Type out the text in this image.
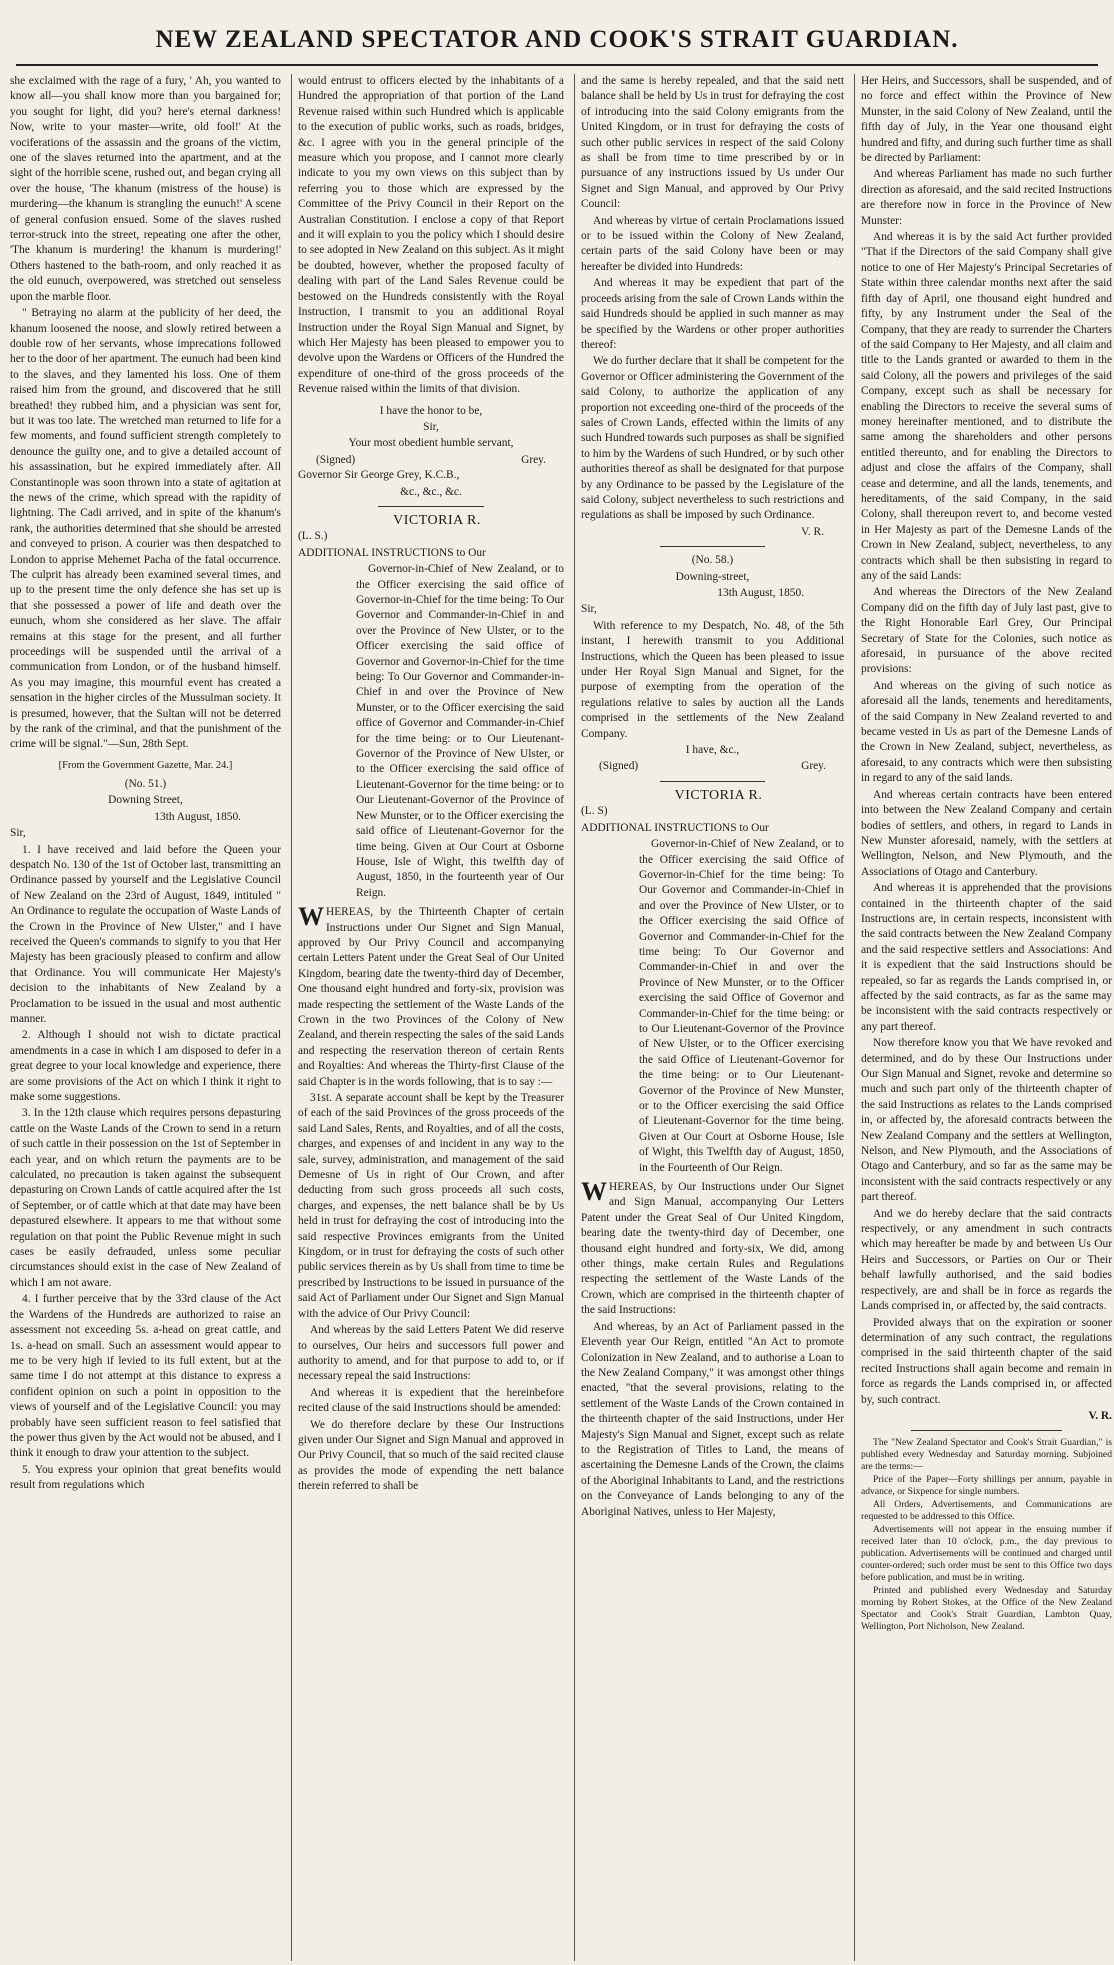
NEW ZEALAND SPECTATOR AND COOK'S STRAIT GUARDIAN.

she exclaimed with the rage of a fury, ' Ah, you wanted to know all—you shall know more than you bargained for; you sought for light, did you? here's eternal darkness! Now, write to your master—write, old fool!' At the vociferations of the assassin and the groans of the victim, one of the slaves returned into the apartment, and at the sight of the horrible scene, rushed out, and began crying all over the house, 'The khanum (mistress of the house) is murdering—the khanum is strangling the eunuch!' A scene of general confusion ensued. Some of the slaves rushed terror-struck into the street, repeating one after the other, 'The khanum is murdering! the khanum is murdering!' Others hastened to the bath-room, and only reached it as the old eunuch, overpowered, was stretched out senseless upon the marble floor.

" Betraying no alarm at the publicity of her deed, the khanum loosened the noose, and slowly retired between a double row of her servants, whose imprecations followed her to the door of her apartment. The eunuch had been kind to the slaves, and they lamented his loss. One of them raised him from the ground, and discovered that he still breathed! they rubbed him, and a physician was sent for, but it was too late. The wretched man returned to life for a few moments, and found sufficient strength completely to denounce the guilty one, and to give a detailed account of his assassination, but he expired immediately after. All Constantinople was soon thrown into a state of agitation at the news of the crime, which spread with the rapidity of lightning. The Cadi arrived, and in spite of the khanum's rank, the authorities determined that she should be arrested and conveyed to prison. A courier was then despatched to London to apprise Mehemet Pacha of the fatal occurrence. The culprit has already been examined several times, and up to the present time the only defence she has set up is that she possessed a power of life and death over the eunuch, whom she considered as her slave. The affair remains at this stage for the present, and all further proceedings will be suspended until the arrival of a communication from London, or of the husband himself. As you may imagine, this mournful event has created a sensation in the higher circles of the Mussulman society. It is presumed, however, that the Sultan will not be deterred by the rank of the criminal, and that the punishment of the crime will be signal."—Sun, 28th Sept.

[From the Government Gazette, Mar. 24.]

(No. 51.)

Downing Street,

13th August, 1850.

Sir,

1. I have received and laid before the Queen your despatch No. 130 of the 1st of October last, transmitting an Ordinance passed by yourself and the Legislative Council of New Zealand on the 23rd of August, 1849, intituled " An Ordinance to regulate the occupation of Waste Lands of the Crown in the Province of New Ulster," and I have received the Queen's commands to signify to you that Her Majesty has been graciously pleased to confirm and allow that Ordinance. You will communicate Her Majesty's decision to the inhabitants of New Zealand by a Proclamation to be issued in the usual and most authentic manner.

2. Although I should not wish to dictate practical amendments in a case in which I am disposed to defer in a great degree to your local knowledge and experience, there are some provisions of the Act on which I think it right to make some suggestions.

3. In the 12th clause which requires persons depasturing cattle on the Waste Lands of the Crown to send in a return of such cattle in their possession on the 1st of September in each year, and on which return the payments are to be calculated, no precaution is taken against the subsequent depasturing on Crown Lands of cattle acquired after the 1st of September, or of cattle which at that date may have been depastured elsewhere. It appears to me that without some regulation on that point the Public Revenue might in such cases be easily defrauded, unless some peculiar circumstances should exist in the case of New Zealand of which I am not aware.

4. I further perceive that by the 33rd clause of the Act the Wardens of the Hundreds are authorized to raise an assessment not exceeding 5s. a-head on great cattle, and 1s. a-head on small. Such an assessment would appear to me to be very high if levied to its full extent, but at the same time I do not attempt at this distance to express a confident opinion on such a point in opposition to the views of yourself and of the Legislative Council: you may probably have seen sufficient reason to feel satisfied that the power thus given by the Act would not be abused, and I think it enough to draw your attention to the subject.

5. You express your opinion that great benefits would result from regulations which

would entrust to officers elected by the inhabitants of a Hundred the appropriation of that portion of the Land Revenue raised within such Hundred which is applicable to the execution of public works, such as roads, bridges, &c. I agree with you in the general principle of the measure which you propose, and I cannot more clearly indicate to you my own views on this subject than by referring you to those which are expressed by the Committee of the Privy Council in their Report on the Australian Constitution. I enclose a copy of that Report and it will explain to you the policy which I should desire to see adopted in New Zealand on this subject. As it might be doubted, however, whether the proposed faculty of dealing with part of the Land Sales Revenue could be bestowed on the Hundreds consistently with the Royal Instruction, I transmit to you an additional Royal Instruction under the Royal Sign Manual and Signet, by which Her Majesty has been pleased to empower you to devolve upon the Wardens or Officers of the Hundred the expenditure of one-third of the gross proceeds of the Revenue raised within the limits of that division.

I have the honor to be,

Sir,

Your most obedient humble servant,

(Signed)	Grey.

Governor Sir George Grey, K.C.B.,

&c., &c., &c.

VICTORIA R.

(L. S.)

ADDITIONAL INSTRUCTIONS to Our

Governor-in-Chief of New Zealand, or to the Officer exercising the said office of Governor-in-Chief for the time being: To Our Governor and Commander-in-Chief in and over the Province of New Ulster, or to the Officer exercising the said office of Governor and Governor-in-Chief for the time being: To Our Governor and Commander-in-Chief in and over the Province of New Munster, or to the Officer exercising the said office of Governor and Commander-in-Chief for the time being: or to Our Lieutenant-Governor of the Province of New Ulster, or to the Officer exercising the said office of Lieutenant-Governor for the time being: or to Our Lieutenant-Governor of the Province of New Munster, or to the Officer exercising the said office of Lieutenant-Governor for the time being. Given at Our Court at Osborne House, Isle of Wight, this twelfth day of August, 1850, in the fourteenth year of Our Reign.

WHEREAS, by the Thirteenth Chapter of certain Instructions under Our Signet and Sign Manual, approved by Our Privy Council and accompanying certain Letters Patent under the Great Seal of Our United Kingdom, bearing date the twenty-third day of December, One thousand eight hundred and forty-six, provision was made respecting the settlement of the Waste Lands of the Crown in the two Provinces of the Colony of New Zealand, and therein respecting the sales of the said Lands and respecting the reservation thereon of certain Rents and Royalties: And whereas the Thirty-first Clause of the said Chapter is in the words following, that is to say :—

31st. A separate account shall be kept by the Treasurer of each of the said Provinces of the gross proceeds of the said Land Sales, Rents, and Royalties, and of all the costs, charges, and expenses of and incident in any way to the sale, survey, administration, and management of the said Demesne of Us in right of Our Crown, and after deducting from such gross proceeds all such costs, charges, and expenses, the nett balance shall be by Us held in trust for defraying the cost of introducing into the said respective Provinces emigrants from the United Kingdom, or in trust for defraying the costs of such other public services therein as by Us shall from time to time be prescribed by Instructions to be issued in pursuance of the said Act of Parliament under Our Signet and Sign Manual with the advice of Our Privy Council:

And whereas by the said Letters Patent We did reserve to ourselves, Our heirs and successors full power and authority to amend, and for that purpose to add to, or if necessary repeal the said Instructions:

And whereas it is expedient that the hereinbefore recited clause of the said Instructions should be amended:

We do therefore declare by these Our Instructions given under Our Signet and Sign Manual and approved in Our Privy Council, that so much of the said recited clause as provides the mode of expending the nett balance therein referred to shall be

and the same is hereby repealed, and that the said nett balance shall be held by Us in trust for defraying the cost of introducing into the said Colony emigrants from the United Kingdom, or in trust for defraying the costs of such other public services in respect of the said Colony as shall be from time to time prescribed by or in pursuance of any instructions issued by Us under Our Signet and Sign Manual, and approved by Our Privy Council:

And whereas by virtue of certain Proclamations issued or to be issued within the Colony of New Zealand, certain parts of the said Colony have been or may hereafter be divided into Hundreds:

And whereas it may be expedient that part of the proceeds arising from the sale of Crown Lands within the said Hundreds should be applied in such manner as may be specified by the Wardens or other proper authorities thereof:

We do further declare that it shall be competent for the Governor or Officer administering the Government of the said Colony, to authorize the application of any proportion not exceeding one-third of the proceeds of the sales of Crown Lands, effected within the limits of any such Hundred towards such purposes as shall be signified to him by the Wardens of such Hundred, or by such other authorities thereof as shall be designated for that purpose by any Ordinance to be passed by the Legislature of the said Colony, subject nevertheless to such restrictions and regulations as shall be imposed by such Ordinance.

V. R.

(No. 58.)

Downing-street,

13th August, 1850.

Sir,

With reference to my Despatch, No. 48, of the 5th instant, I herewith transmit to you Additional Instructions, which the Queen has been pleased to issue under Her Royal Sign Manual and Signet, for the purpose of exempting from the operation of the regulations relative to sales by auction all the Lands comprised in the settlements of the New Zealand Company.

I have, &c.,

(Signed)	Grey.

VICTORIA R.

(L. S)

ADDITIONAL INSTRUCTIONS to Our

Governor-in-Chief of New Zealand, or to the Officer exercising the said Office of Governor-in-Chief for the time being: To Our Governor and Commander-in-Chief in and over the Province of New Ulster, or to the Officer exercising the said Office of Governor and Commander-in-Chief for the time being: To Our Governor and Commander-in-Chief in and over the Province of New Munster, or to the Officer exercising the said Office of Governor and Commander-in-Chief for the time being: or to Our Lieutenant-Governor of the Province of New Ulster, or to the Officer exercising the said Office of Lieutenant-Governor for the time being: or to Our Lieutenant-Governor of the Province of New Munster, or to the Officer exercising the said Office of Lieutenant-Governor for the time being. Given at Our Court at Osborne House, Isle of Wight, this Twelfth day of August, 1850, in the Fourteenth of Our Reign.

WHEREAS, by Our Instructions under Our Signet and Sign Manual, accompanying Our Letters Patent under the Great Seal of Our United Kingdom, bearing date the twenty-third day of December, one thousand eight hundred and forty-six, We did, among other things, make certain Rules and Regulations respecting the settlement of the Waste Lands of the Crown, which are comprised in the thirteenth chapter of the said Instructions:

And whereas, by an Act of Parliament passed in the Eleventh year Our Reign, entitled "An Act to promote Colonization in New Zealand, and to authorise a Loan to the New Zealand Company," it was amongst other things enacted, "that the several provisions, relating to the settlement of the Waste Lands of the Crown contained in the thirteenth chapter of the said Instructions, under Her Majesty's Sign Manual and Signet, except such as relate to the Registration of Titles to Land, the means of ascertaining the Demesne Lands of the Crown, the claims of the Aboriginal Inhabitants to Land, and the restrictions on the Conveyance of Lands belonging to any of the Aboriginal Natives, unless to Her Majesty,

Her Heirs, and Successors, shall be suspended, and of no force and effect within the Province of New Munster, in the said Colony of New Zealand, until the fifth day of July, in the Year one thousand eight hundred and fifty, and during such further time as shall be directed by Parliament:

And whereas Parliament has made no such further direction as aforesaid, and the said recited Instructions are therefore now in force in the Province of New Munster:

And whereas it is by the said Act further provided "That if the Directors of the said Company shall give notice to one of Her Majesty's Principal Secretaries of State within three calendar months next after the said fifth day of April, one thousand eight hundred and fifty, by any Instrument under the Seal of the Company, that they are ready to surrender the Charters of the said Company to Her Majesty, and all claim and title to the Lands granted or awarded to them in the said Colony, all the powers and privileges of the said Company, except such as shall be necessary for enabling the Directors to receive the several sums of money hereinafter mentioned, and to distribute the same among the shareholders and other persons entitled thereunto, and for enabling the Directors to adjust and close the affairs of the Company, shall cease and determine, and all the lands, tenements, and hereditaments, of the said Company, in the said Colony, shall thereupon revert to, and become vested in Her Majesty as part of the Demesne Lands of the Crown in New Zealand, subject, nevertheless, to any contracts which shall be then subsisting in regard to any of the said Lands:

And whereas the Directors of the New Zealand Company did on the fifth day of July last past, give to the Right Honorable Earl Grey, Our Principal Secretary of State for the Colonies, such notice as aforesaid, in pursuance of the above recited provisions:

And whereas on the giving of such notice as aforesaid all the lands, tenements and hereditaments, of the said Company in New Zealand reverted to and became vested in Us as part of the Demesne Lands of the Crown in New Zealand, subject, nevertheless, as aforesaid, to any contracts which were then subsisting in regard to any of the said lands.

And whereas certain contracts have been entered into between the New Zealand Company and certain bodies of settlers, and others, in regard to Lands in New Munster aforesaid, namely, with the settlers at Wellington, Nelson, and New Plymouth, and the Associations of Otago and Canterbury.

And whereas it is apprehended that the provisions contained in the thirteenth chapter of the said Instructions are, in certain respects, inconsistent with the said contracts between the New Zealand Company and the said respective settlers and Associations: And it is expedient that the said Instructions should be repealed, so far as regards the Lands comprised in, or affected by the said contracts, as far as the same may be inconsistent with the said contracts respectively or any part thereof.

Now therefore know you that We have revoked and determined, and do by these Our Instructions under Our Sign Manual and Signet, revoke and determine so much and such part only of the thirteenth chapter of the said Instructions as relates to the Lands comprised in, or affected by, the aforesaid contracts between the New Zealand Company and the settlers at Wellington, Nelson, and New Plymouth, and the Associations of Otago and Canterbury, and so far as the same may be inconsistent with the said contracts respectively or any part thereof.

And we do hereby declare that the said contracts respectively, or any amendment in such contracts which may hereafter be made by and between Us Our Heirs and Successors, or Parties on Our or Their behalf lawfully authorised, and the said bodies respectively, are and shall be in force as regards the Lands comprised in, or affected by, the said contracts.

Provided always that on the expiration or sooner determination of any such contract, the regulations comprised in the said thirteenth chapter of the said recited Instructions shall again become and remain in force as regards the Lands comprised in, or affected by, such contract.

V. R.

The "New Zealand Spectator and Cook's Strait Guardian," is published every Wednesday and Saturday morning. Subjoined are the terms:—

Price of the Paper—Forty shillings per annum, payable in advance, or Sixpence for single numbers.

All Orders, Advertisements, and Communications are requested to be addressed to this Office.

Advertisements will not appear in the ensuing number if received later than 10 o'clock, p.m., the day previous to publication. Advertisements will be continued and charged until counter-ordered; such order must be sent to this Office two days before publication, and must be in writing.

Printed and published every Wednesday and Saturday morning by Robert Stokes, at the Office of the New Zealand Spectator and Cook's Strait Guardian, Lambton Quay, Wellington, Port Nicholson, New Zealand.
